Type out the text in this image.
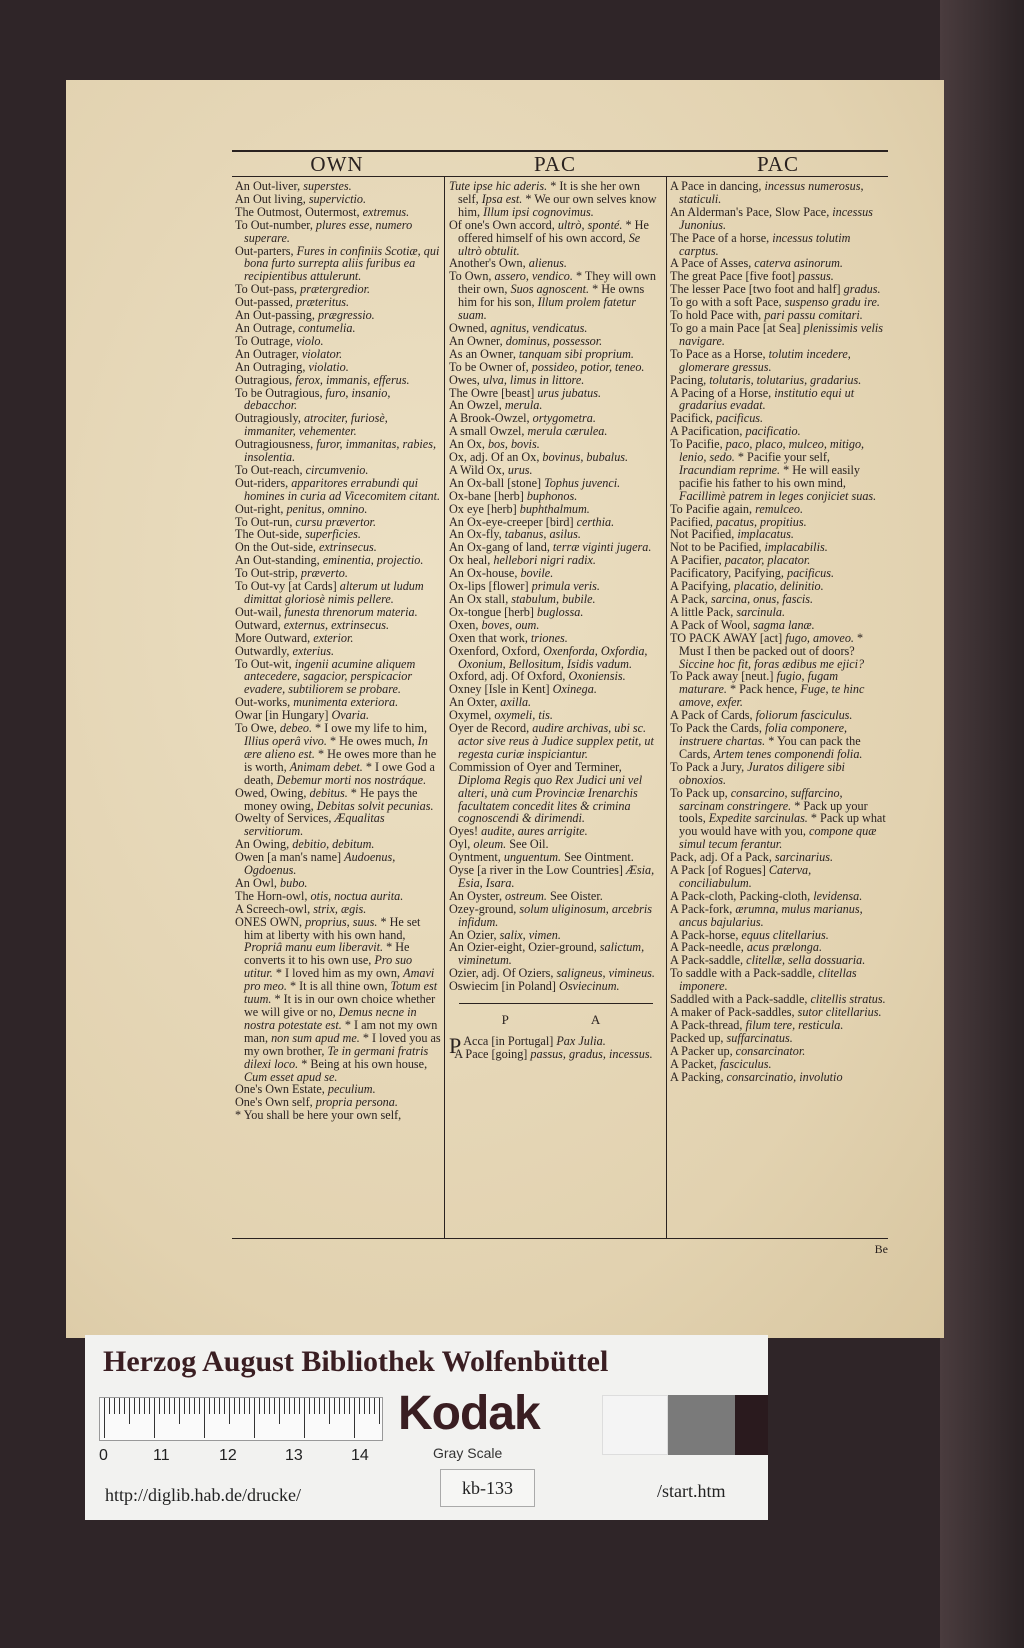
OWN	PAC	PAC
An Out-liver, superstes.
An Out living, supervictio.
The Outmost, Outermost, extremus.
To Out-number, plures esse, numero superare.
Out-parters, Fures in confiniis Scotiæ, qui bona furto surrepta aliis furibus ea recipientibus attulerunt.
To Out-pass, prætergredior.
Out-passed, præteritus.
An Out-passing, prægressio.
An Outrage, contumelia.
To Outrage, violo.
An Outrager, violator.
An Outraging, violatio.
Outragious, ferox, immanis, efferus.
To be Outragious, furo, insanio, debacchor.
Outragiously, atrociter, furiosè, immaniter, vehementer.
Outragiousness, furor, immanitas, rabies, insolentia.
To Out-reach, circumvenio.
Out-riders, apparitores errabundi qui homines in curia ad Vicecomitem citant.
Out-right, penitus, omnino.
To Out-run, cursu prævertor.
The Out-side, superficies.
On the Out-side, extrinsecus.
An Out-standing, eminentia, projectio.
To Out-strip, præverto.
To Out-vy [at Cards] alterum ut ludum dimittat gloriosè nimis pellere.
Out-wail, funesta threnorum materia.
Outward, externus, extrinsecus.
More Outward, exterior.
Outwardly, exterius.
To Out-wit, ingenii acumine aliquem antecedere, sagacior, perspicacior evadere, subtiliorem se probare.
Out-works, munimenta exteriora.
Owar [in Hungary] Ovaria.
To Owe, debeo. * I owe my life to him, Illius operâ vivo. * He owes much, In ære alieno est. * He owes more than he is worth, Animam debet. * I owe God a death, Debemur morti nos nostráque.
Owed, Owing, debitus. * He pays the money owing, Debitas solvit pecunias.
Owelty of Services, Æqualitas servitiorum.
An Owing, debitio, debitum.
Owen [a man's name] Audoenus, Ogdoenus.
An Owl, bubo.
The Horn-owl, otis, noctua aurita.
A Screech-owl, strix, ægis.
ONES OWN, proprius, suus. * He set him at liberty with his own hand, Propriâ manu eum liberavit. * He converts it to his own use, Pro suo utitur. * I loved him as my own, Amavi pro meo. * It is all thine own, Totum est tuum. * It is in our own choice whether we will give or no, Demus necne in nostra potestate est. * I am not my own man, non sum apud me. * I loved you as my own brother, Te in germani fratris dilexi loco. * Being at his own house, Cum esset apud se.
One's Own Estate, peculium.
One's Own self, propria persona.
* You shall be here your own self,
Tute ipse hic aderis. * It is she her own self, Ipsa est. * We our own selves know him, Illum ipsi cognovimus.
Of one's Own accord, ultrò, sponté. * He offered himself of his own accord, Se ultrò obtulit.
Another's Own, alienus.
To Own, assero, vendico. * They will own their own, Suos agnoscent. * He owns him for his son, Illum prolem fatetur suam.
Owned, agnitus, vendicatus.
An Owner, dominus, possessor.
As an Owner, tanquam sibi proprium.
To be Owner of, possideo, potior, teneo.
Owes, ulva, limus in littore.
The Owre [beast] urus jubatus.
An Owzel, merula.
A Brook-Owzel, ortygometra.
A small Owzel, merula cærulea.
An Ox, bos, bovis.
Ox, adj. Of an Ox, bovinus, bubalus.
A Wild Ox, urus.
An Ox-ball [stone] Tophus juvenci.
Ox-bane [herb] buphonos.
Ox eye [herb] buphthalmum.
An Ox-eye-creeper [bird] certhia.
An Ox-fly, tabanus, asilus.
An Ox-gang of land, terræ viginti jugera.
Ox heal, hellebori nigri radix.
An Ox-house, bovile.
Ox-lips [flower] primula veris.
An Ox stall, stabulum, bubile.
Ox-tongue [herb] buglossa.
Oxen, boves, oum.
Oxen that work, triones.
Oxenford, Oxford, Oxenforda, Oxfordia, Oxonium, Bellositum, Isidis vadum.
Oxford, adj. Of Oxford, Oxoniensis.
Oxney [Isle in Kent] Oxinega.
An Oxter, axilla.
Oxymel, oxymeli, tis.
Oyer de Record, audire archivas, ubi sc. actor sive reus à Judice supplex petit, ut regesta curiæ inspiciantur.
Commission of Oyer and Terminer, Diploma Regis quo Rex Judici uni vel alteri, unà cum Provinciæ Irenarchis facultatem concedit lites & crimina cognoscendi & dirimendi.
Oyes! audite, aures arrigite.
Oyl, oleum. See Oil.
Oyntment, unguentum. See Ointment.
Oyse [a river in the Low Countries] Æsia, Esia, Isara.
An Oyster, ostreum. See Oister.
Ozey-ground, solum uliginosum, arcebris infidum.
An Ozier, salix, vimen.
An Ozier-eight, Ozier-ground, salictum, viminetum.
Ozier, adj. Of Oziers, saligneus, vimineus.
Oswiecim [in Poland] Osviecinum.
P A
P Acca [in Portugal] Pax Julia.
A Pace [going] passus, gradus, incessus.
A Pace in dancing, incessus numerosus, staticuli.
An Alderman's Pace, Slow Pace, incessus Junonius.
The Pace of a horse, incessus tolutim carptus.
A Pace of Asses, caterva asinorum.
The great Pace [five foot] passus.
The lesser Pace [two foot and half] gradus.
To go with a soft Pace, suspenso gradu ire.
To hold Pace with, pari passu comitari.
To go a main Pace [at Sea] plenissimis velis navigare.
To Pace as a Horse, tolutim incedere, glomerare gressus.
Pacing, tolutaris, tolutarius, gradarius.
A Pacing of a Horse, institutio equi ut gradarius evadat.
Pacifick, pacificus.
A Pacification, pacificatio.
To Pacifie, paco, placo, mulceo, mitigo, lenio, sedo. * Pacifie your self, Iracundiam reprime. * He will easily pacifie his father to his own mind, Facillimè patrem in leges conjiciet suas.
To Pacifie again, remulceo.
Pacified, pacatus, propitius.
Not Pacified, implacatus.
Not to be Pacified, implacabilis.
A Pacifier, pacator, placator.
Pacificatory, Pacifying, pacificus.
A Pacifying, placatio, delinitio.
A Pack, sarcina, onus, fascis.
A little Pack, sarcinula.
A Pack of Wool, sagma lanæ.
TO PACK AWAY [act] fugo, amoveo. * Must I then be packed out of doors? Siccine hoc fit, foras ædibus me ejici?
To Pack away [neut.] fugio, fugam maturare. * Pack hence, Fuge, te hinc amove, exfer.
A Pack of Cards, foliorum fasciculus.
To Pack the Cards, folia componere, instruere chartas. * You can pack the Cards, Artem tenes componendi folia.
To Pack a Jury, Juratos diligere sibi obnoxios.
To Pack up, consarcino, suffarcino, sarcinam constringere. * Pack up your tools, Expedite sarcinulas. * Pack up what you would have with you, compone quæ simul tecum ferantur.
Pack, adj. Of a Pack, sarcinarius.
A Pack [of Rogues] Caterva, conciliabulum.
A Pack-cloth, Packing-cloth, levidensa.
A Pack-fork, ærumna, mulus marianus, ancus bajularius.
A Pack-horse, equus clitellarius.
A Pack-needle, acus prælonga.
A Pack-saddle, clitellæ, sella dossuaria.
To saddle with a Pack-saddle, clitellas imponere.
Saddled with a Pack-saddle, clitellis stratus.
A maker of Pack-saddles, sutor clitellarius.
A Pack-thread, filum tere, resticula.
Packed up, suffarcinatus.
A Packer up, consarcinator.
A Packet, fasciculus.
A Packing, consarcinatio, involutio
Be
Herzog August Bibliothek Wolfenbüttel
0	11	12	13	14
Kodak
Gray Scale
kb-133
http://diglib.hab.de/drucke/	/start.htm
